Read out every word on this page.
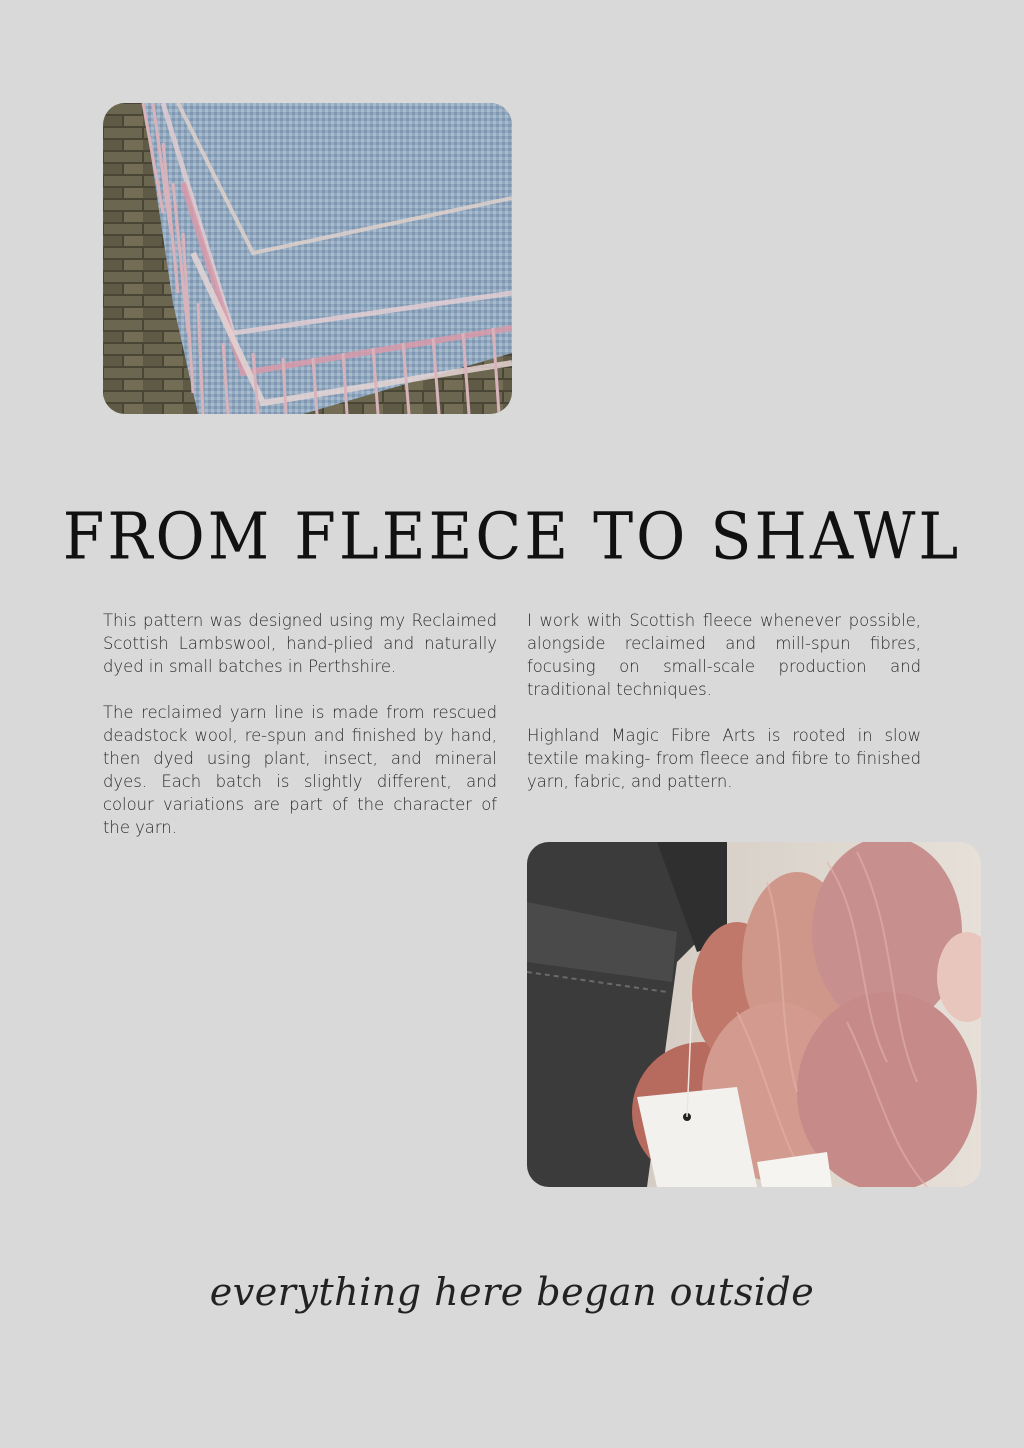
FROM FLEECE TO SHAWL

This pattern was designed using my Reclaimed Scottish Lambswool, hand-plied and naturally dyed in small batches in Perthshire.

The reclaimed yarn line is made from rescued deadstock wool, re-spun and finished by hand, then dyed using plant, insect, and mineral dyes. Each batch is slightly different, and colour variations are part of the character of the yarn.

I work with Scottish fleece whenever possible, alongside reclaimed and mill-spun fibres, focusing on small-scale production and traditional techniques.

Highland Magic Fibre Arts is rooted in slow textile making- from fleece and fibre to finished yarn, fabric, and pattern.

everything here began outside
